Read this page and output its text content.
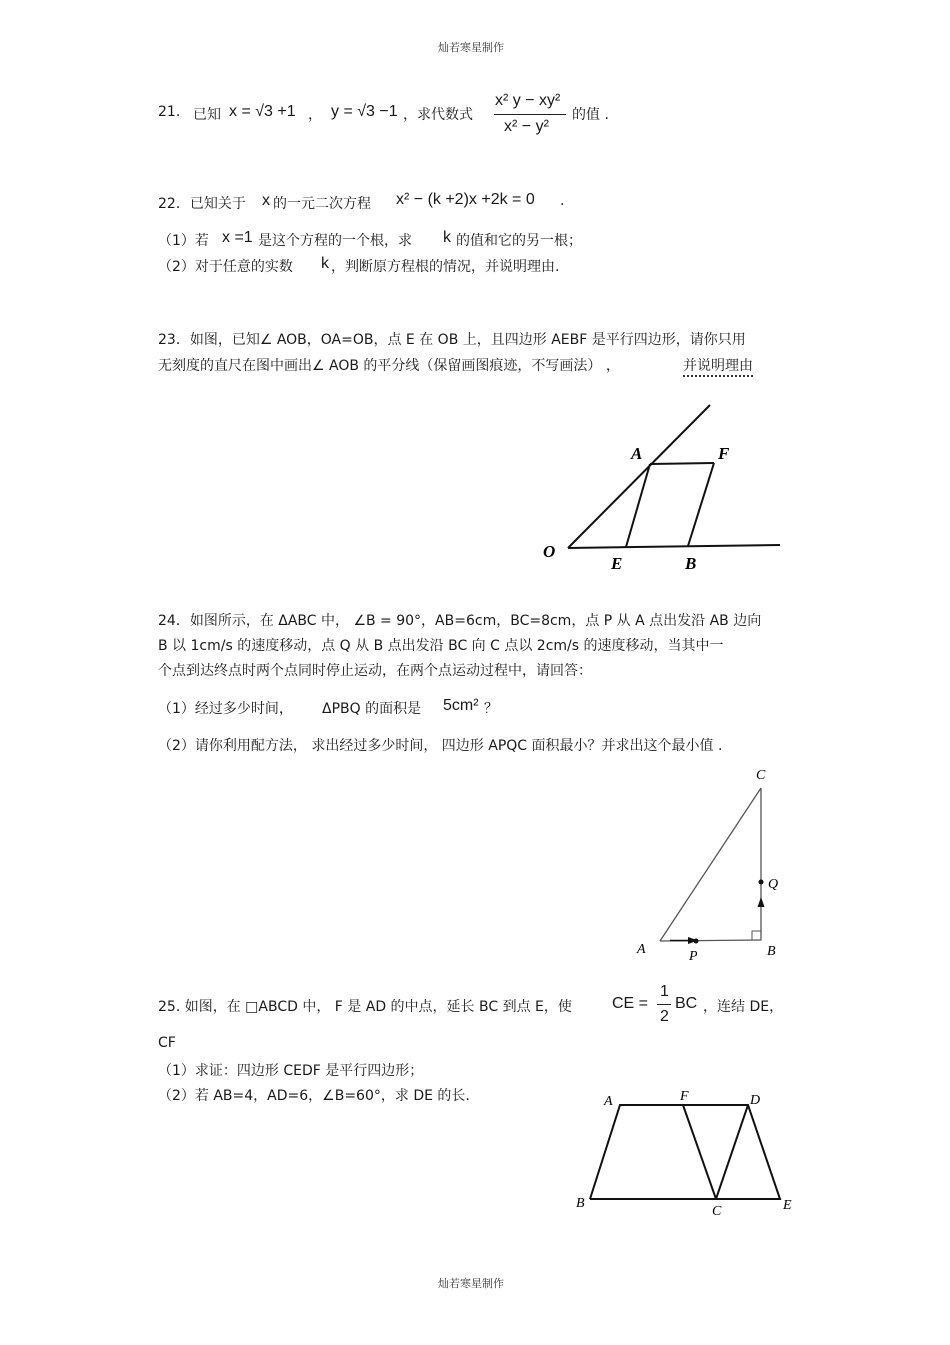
灿若寒星制作
灿若寒星制作
21. 已知 x = √3 +1 ， y = √3 −1 ，求代数式
x² y − xy²
x² − y²
的值 .
22．已知关于 x 的一元二次方程 x² − (k +2)x +2k = 0 .
（1）若 x =1 是这个方程的一个根，求 k 的值和它的另一根；
（2）对于任意的实数 k ，判断原方程根的情况，并说明理由.
23．如图，已知∠ AOB，OA=OB，点 E 在 OB 上，且四边形 AEBF 是平行四边形，请你只用
无刻度的直尺在图中画出∠ AOB 的平分线（保留画图痕迹，不写画法） ，	并说明理由
A	F
O
E	B
24．如图所示，在 ΔABC 中， ∠B = 90°，AB=6cm，BC=8cm，点 P 从 A 点出发沿 AB 边向
B 以 1cm/s 的速度移动，点 Q 从 B 点出发沿 BC 向 C 点以 2cm/s 的速度移动，当其中一
个点到达终点时两个点同时停止运动，在两个点运动过程中，请回答：
（1）经过多少时间， ΔPBQ 的面积是 5cm² ？
（2）请你利用配方法， 求出经过多少时间， 四边形 APQC 面积最小？并求出这个最小值 .
C
Q
A	P	B
25. 如图，在 □ABCD 中， F 是 AD 的中点，延长 BC 到点 E，使	CE =
1
2
BC ，连结 DE，
CF
（1）求证：四边形 CEDF 是平行四边形；
（2）若 AB=4，AD=6，∠B=60°，求 DE 的长.	A	F	D
B
C	E
